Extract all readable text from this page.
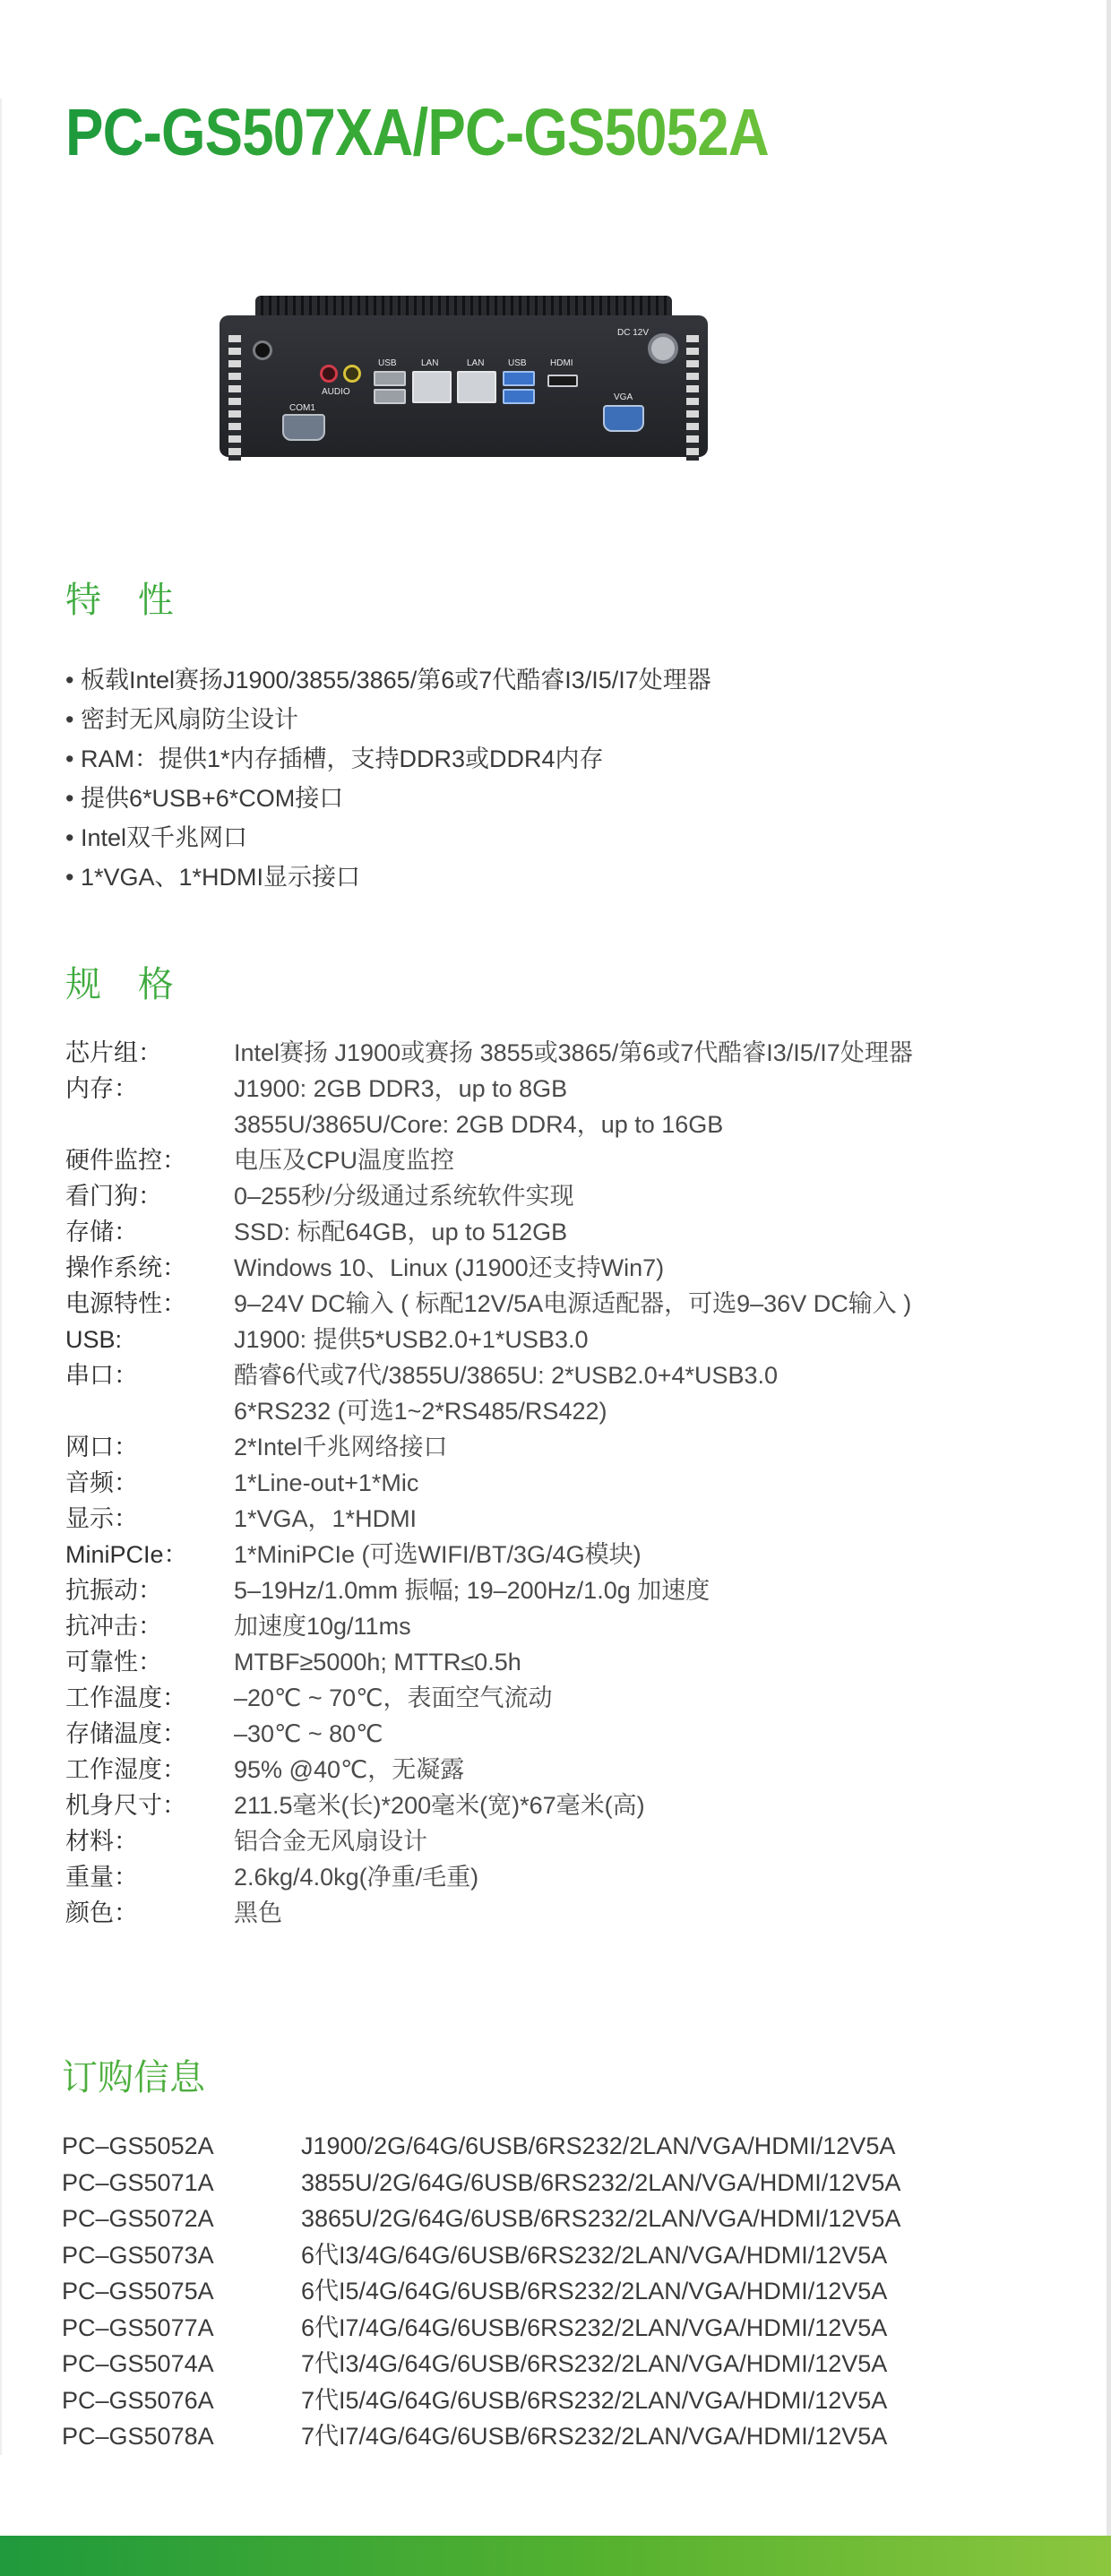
PC-GS507XA/PC-GS5052A
COM1
AUDIO
USB	LAN	LAN	USB	HDMI
VGA
DC 12V
特 性
• 板载Intel赛扬J1900/3855/3865/第6或7代酷睿I3/I5/I7处理器
• 密封无风扇防尘设计
• RAM：提供1*内存插槽，支持DDR3或DDR4内存
• 提供6*USB+6*COM接口
• Intel双千兆网口
• 1*VGA、1*HDMI显示接口
规 格
芯片组：	Intel赛扬 J1900或赛扬 3855或3865/第6或7代酷睿I3/I5/I7处理器
内存：	J1900: 2GB DDR3，up to 8GB
3855U/3865U/Core: 2GB DDR4，up to 16GB
硬件监控：	电压及CPU温度监控
看门狗：	0–255秒/分级通过系统软件实现
存储：	SSD: 标配64GB，up to 512GB
操作系统：	Windows 10、Linux (J1900还支持Win7)
电源特性：	9–24V DC输入 ( 标配12V/5A电源适配器，可选9–36V DC输入 )
USB:	J1900: 提供5*USB2.0+1*USB3.0
串口：	酷睿6代或7代/3855U/3865U: 2*USB2.0+4*USB3.0
6*RS232 (可选1~2*RS485/RS422)
网口：	2*Intel千兆网络接口
音频：	1*Line-out+1*Mic
显示：	1*VGA，1*HDMI
MiniPCIe：	1*MiniPCIe (可选WIFI/BT/3G/4G模块)
抗振动：	5–19Hz/1.0mm 振幅; 19–200Hz/1.0g 加速度
抗冲击：	加速度10g/11ms
可靠性：	MTBF≥5000h; MTTR≤0.5h
工作温度：	–20℃ ~ 70℃，表面空气流动
存储温度：	–30℃ ~ 80℃
工作湿度：	95% @40℃，无凝露
机身尺寸：	211.5毫米(长)*200毫米(宽)*67毫米(高)
材料：	铝合金无风扇设计
重量：	2.6kg/4.0kg(净重/毛重)
颜色：	黑色
订购信息
PC–GS5052A	J1900/2G/64G/6USB/6RS232/2LAN/VGA/HDMI/12V5A
PC–GS5071A	3855U/2G/64G/6USB/6RS232/2LAN/VGA/HDMI/12V5A
PC–GS5072A	3865U/2G/64G/6USB/6RS232/2LAN/VGA/HDMI/12V5A
PC–GS5073A	6代I3/4G/64G/6USB/6RS232/2LAN/VGA/HDMI/12V5A
PC–GS5075A	6代I5/4G/64G/6USB/6RS232/2LAN/VGA/HDMI/12V5A
PC–GS5077A	6代I7/4G/64G/6USB/6RS232/2LAN/VGA/HDMI/12V5A
PC–GS5074A	7代I3/4G/64G/6USB/6RS232/2LAN/VGA/HDMI/12V5A
PC–GS5076A	7代I5/4G/64G/6USB/6RS232/2LAN/VGA/HDMI/12V5A
PC–GS5078A	7代I7/4G/64G/6USB/6RS232/2LAN/VGA/HDMI/12V5A
